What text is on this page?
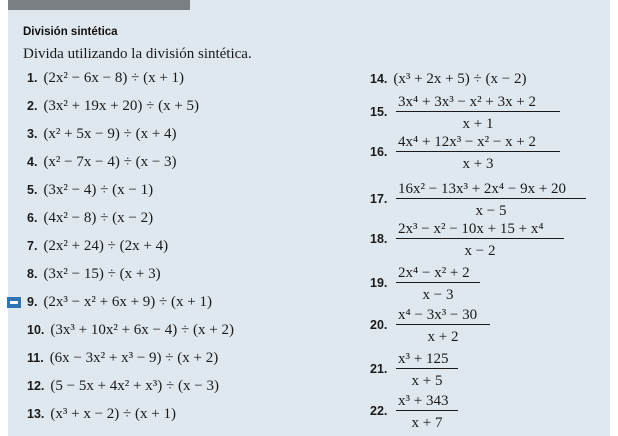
División sintética
Divida utilizando la división sintética.
1. (2x² − 6x − 8) ÷ (x + 1)
2. (3x² + 19x + 20) ÷ (x + 5)
3. (x² + 5x − 9) ÷ (x + 4)
4. (x² − 7x − 4) ÷ (x − 3)
5. (3x² − 4) ÷ (x − 1)
6. (4x² − 8) ÷ (x − 2)
7. (2x² + 24) ÷ (2x + 4)
8. (3x² − 15) ÷ (x + 3)
9. (2x³ − x² + 6x + 9) ÷ (x + 1)
10. (3x³ + 10x² + 6x − 4) ÷ (x + 2)
11. (6x − 3x² + x³ − 9) ÷ (x + 2)
12. (5 − 5x + 4x² + x³) ÷ (x − 3)
13. (x³ + x − 2) ÷ (x + 1)
14. (x³ + 2x + 5) ÷ (x − 2)
15.
3x⁴ + 3x³ − x² + 3x + 2
x + 1
16.
4x⁴ + 12x³ − x² − x + 2
x + 3
17.
16x² − 13x³ + 2x⁴ − 9x + 20
x − 5
18.
2x³ − x² − 10x + 15 + x⁴
x − 2
19.
2x⁴ − x² + 2
x − 3
20.
x⁴ − 3x³ − 30
x + 2
21.
x³ + 125
x + 5
22.
x³ + 343
x + 7
